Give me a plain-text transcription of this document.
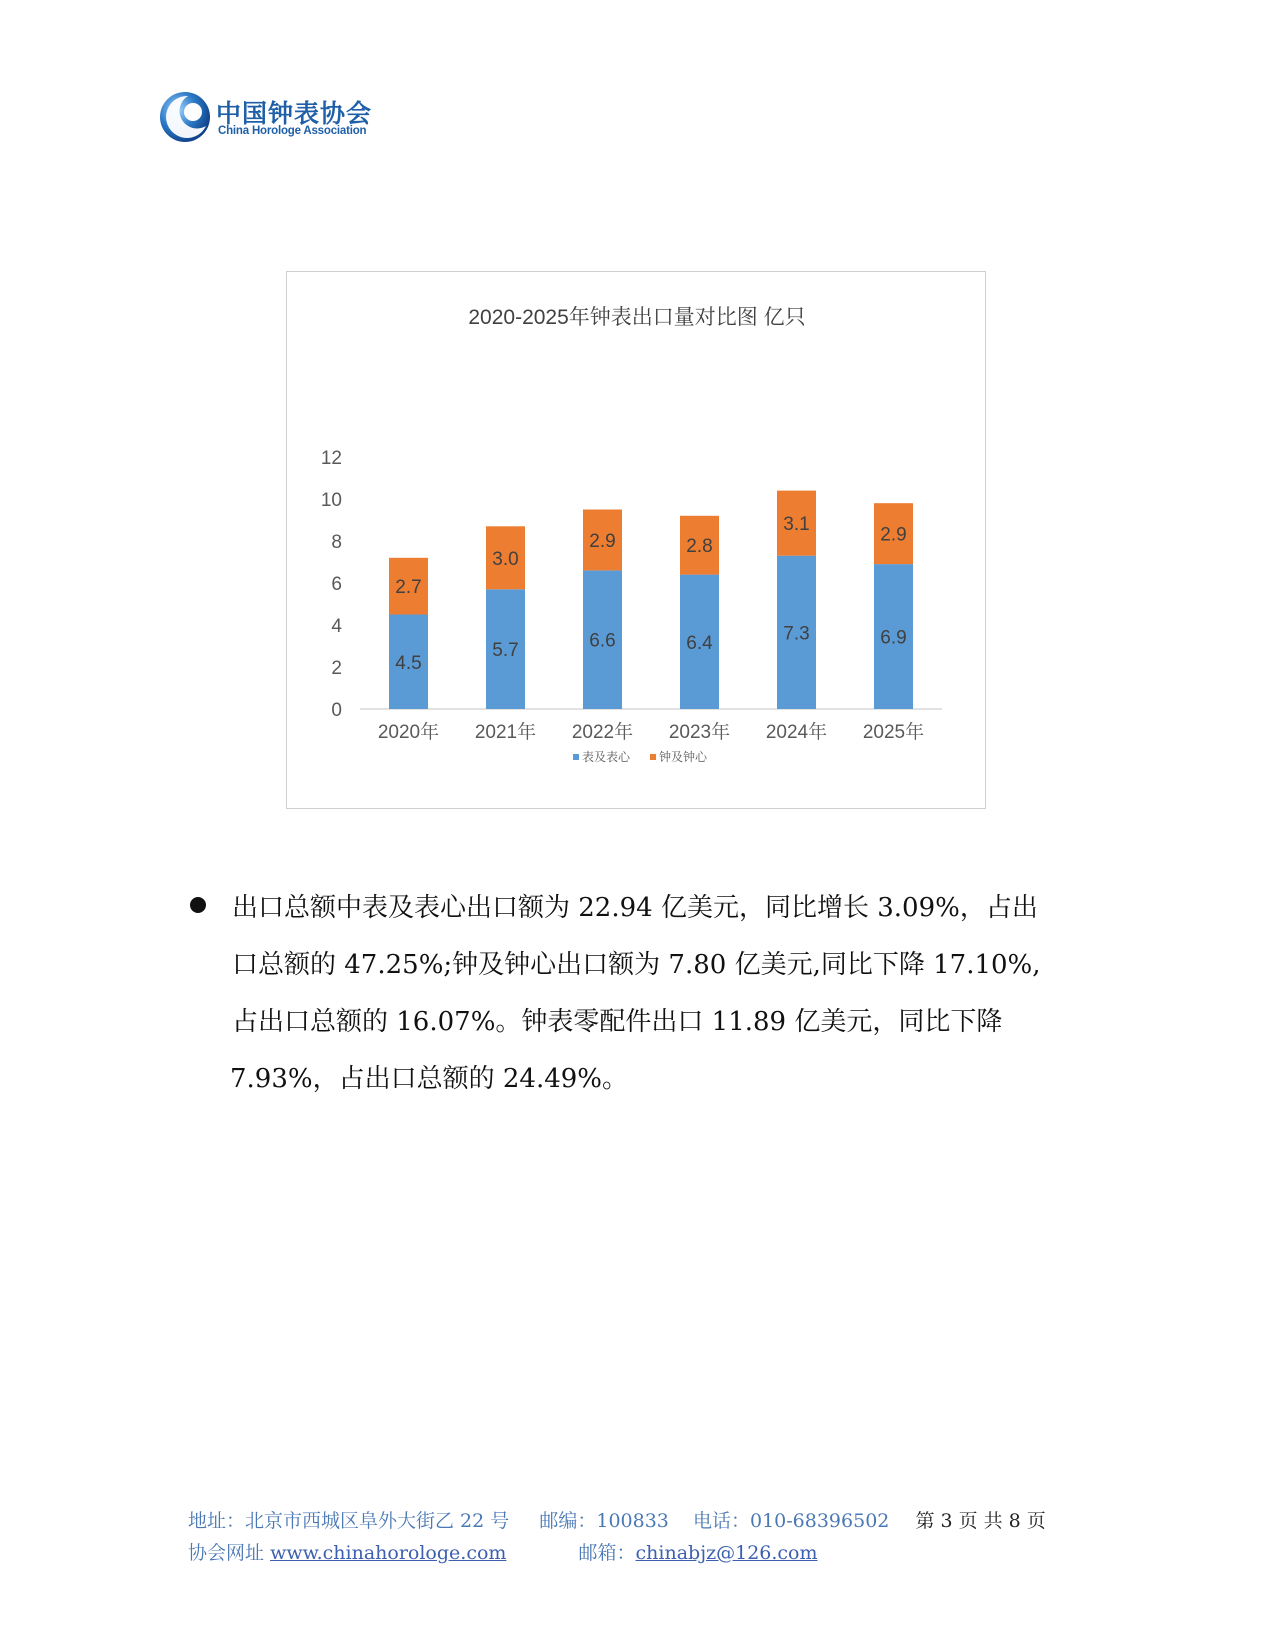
中国钟表协会
China Horologe Association
2020-2025年钟表出口量对比图 亿只
0
2
4
6
8
10
12
4.5
2.7
2020年
5.7
3.0
2021年
6.6
2.9
2022年
6.4
2.8
2023年
7.3
3.1
2024年
6.9
2.9
2025年
表及表心 钟及钟心
出口总额中表及表心出口额为 22.94 亿美元，同比增长 3.09%，占出
口总额的 47.25%;钟及钟心出口额为 7.80 亿美元,同比下降 17.10%,
占出口总额的 16.07%。钟表零配件出口 11.89 亿美元，同比下降
7.93%，占出口总额的 24.49%。
地址：北京市西城区阜外大街乙 22 号 邮编：100833 电话：010-68396502 第 3 页 共 8 页
协会网址 www.chinahorologe.com	邮箱：chinabjz@126.com
